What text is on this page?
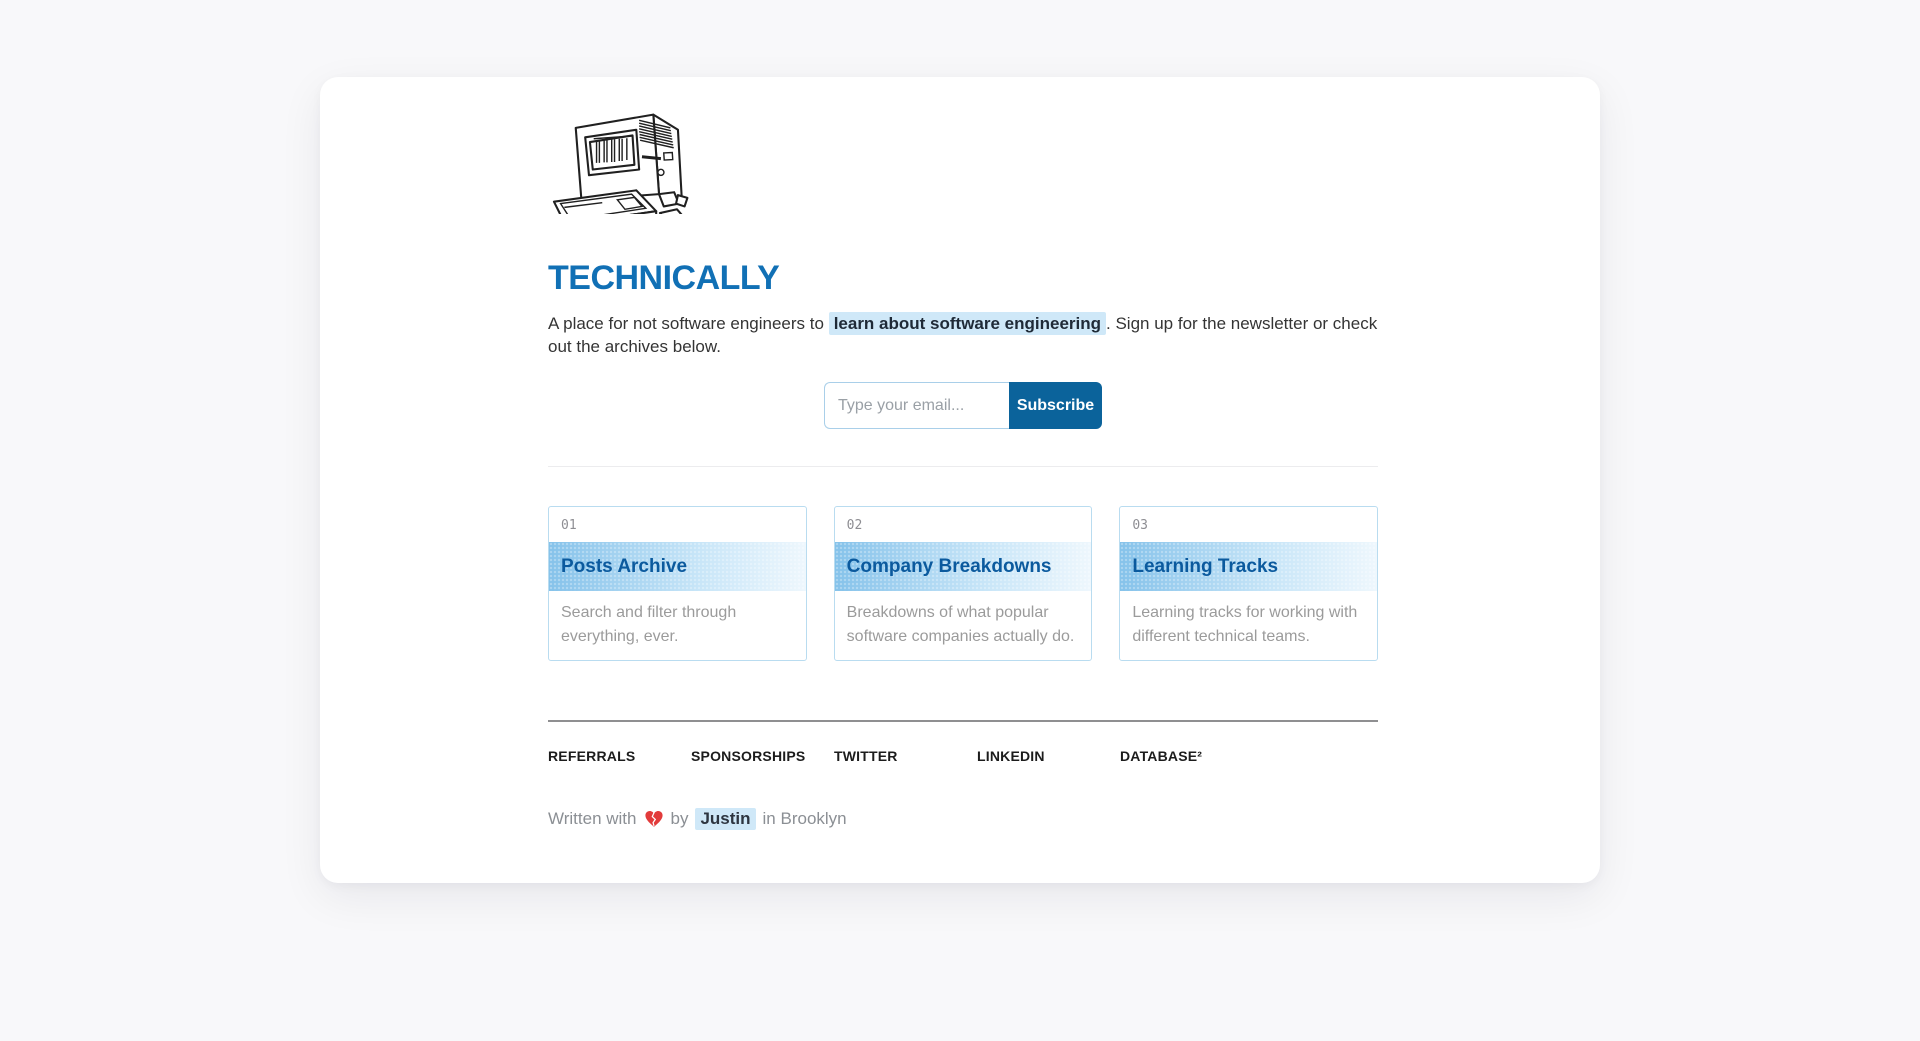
TECHNICALLY

A place for not software engineers to learn about software engineering . Sign up for the newsletter or check out the archives below.

Type your email...
Subscribe
01
Posts Archive
Search and filter through everything, ever.
02
Company Breakdowns
Breakdowns of what popular software companies actually do.
03
Learning Tracks
Learning tracks for working with different technical teams.
REFERRALS	SPONSORSHIPS	TWITTER	LINKEDIN	DATABASE²
Written with by Justin in Brooklyn
